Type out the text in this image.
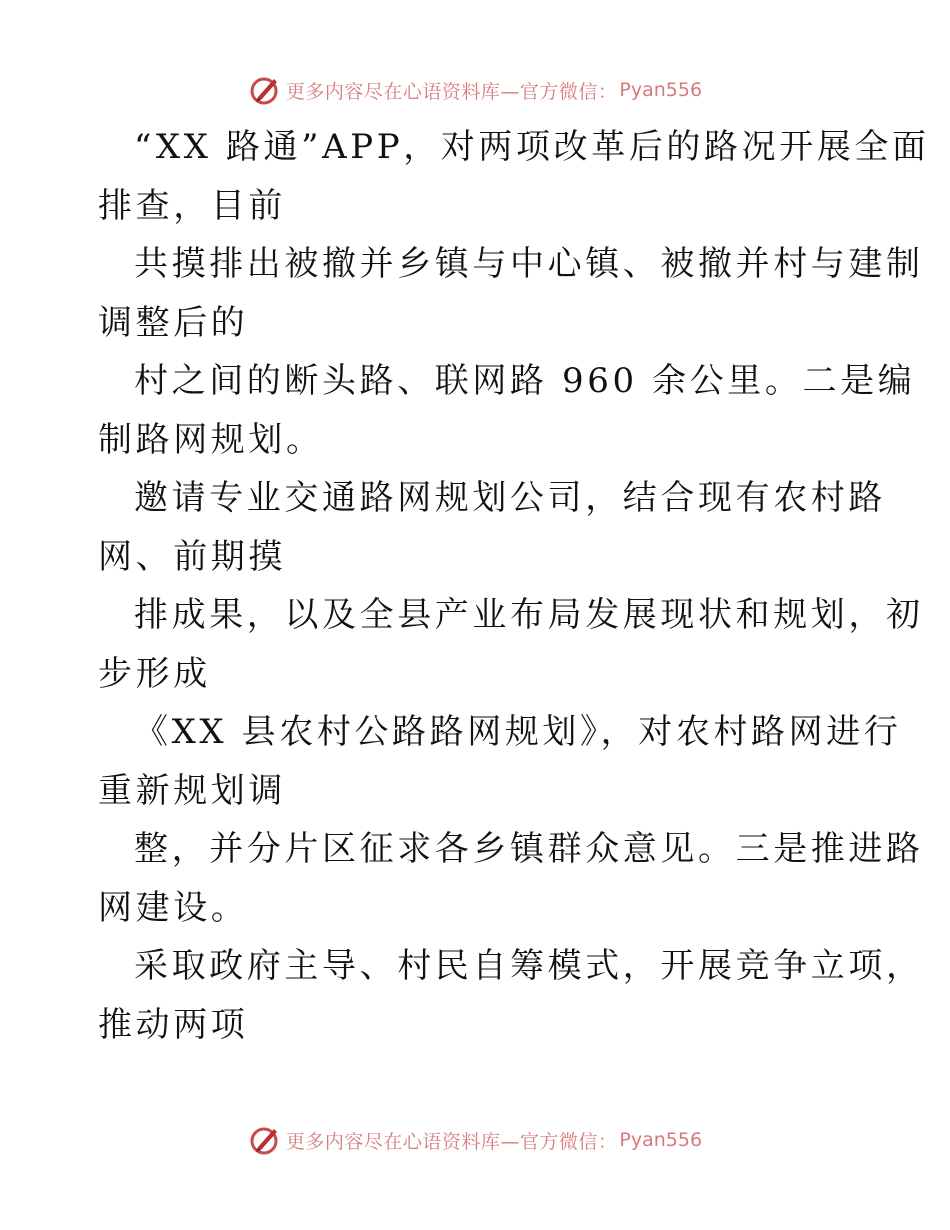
更多内容尽在心语资料库—官方微信： Pyan556
“XX 路通”APP，对两项改革后的路况开展全面
排查，目前
共摸排出被撤并乡镇与中心镇、被撤并村与建制
调整后的
村之间的断头路、联网路 960 余公里。二是编
制路网规划。
邀请专业交通路网规划公司，结合现有农村路
网、前期摸
排成果，以及全县产业布局发展现状和规划，初
步形成
《XX 县农村公路路网规划》，对农村路网进行
重新规划调
整，并分片区征求各乡镇群众意见。三是推进路
网建设。
采取政府主导、村民自筹模式，开展竞争立项，
推动两项
更多内容尽在心语资料库—官方微信： Pyan556
